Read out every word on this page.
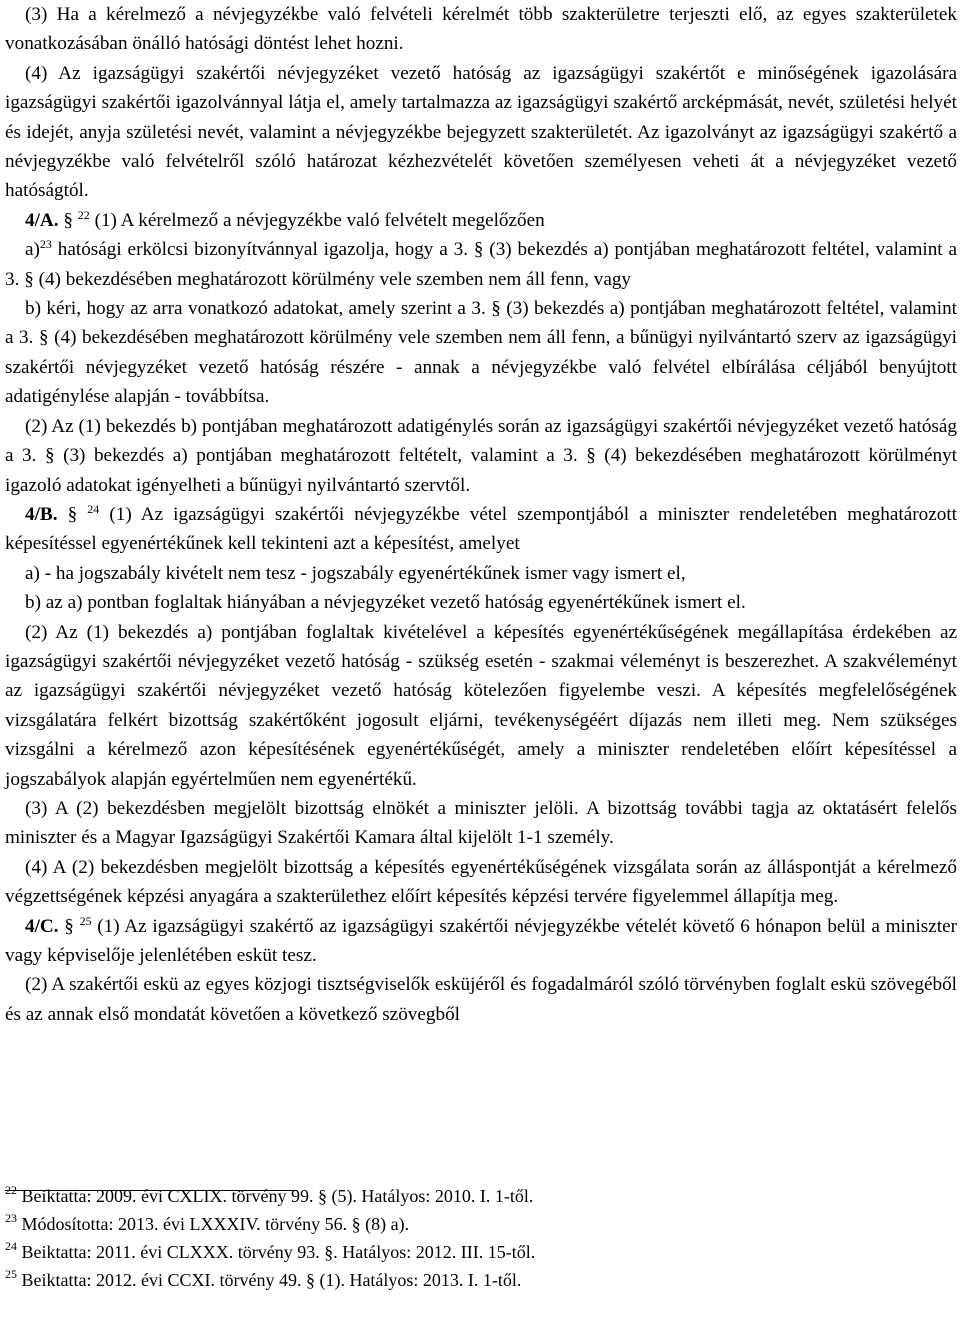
(3) Ha a kérelmező a névjegyzékbe való felvételi kérelmét több szakterületre terjeszti elő, az egyes szakterületek vonatkozásában önálló hatósági döntést lehet hozni.

(4) Az igazságügyi szakértői névjegyzéket vezető hatóság az igazságügyi szakértőt e minőségének igazolására igazságügyi szakértői igazolvánnyal látja el, amely tartalmazza az igazságügyi szakértő arcképmását, nevét, születési helyét és idejét, anyja születési nevét, valamint a névjegyzékbe bejegyzett szakterületét. Az igazolványt az igazságügyi szakértő a névjegyzékbe való felvételről szóló határozat kézhezvételét követően személyesen veheti át a névjegyzéket vezető hatóságtól.

4/A. § $^{22}$ (1) A kérelmező a névjegyzékbe való felvételt megelőzően

a)$^{23}$ hatósági erkölcsi bizonyítvánnyal igazolja, hogy a 3. § (3) bekezdés a) pontjában meghatározott feltétel, valamint a 3. § (4) bekezdésében meghatározott körülmény vele szemben nem áll fenn, vagy

b) kéri, hogy az arra vonatkozó adatokat, amely szerint a 3. § (3) bekezdés a) pontjában meghatározott feltétel, valamint a 3. § (4) bekezdésében meghatározott körülmény vele szemben nem áll fenn, a bűnügyi nyilvántartó szerv az igazságügyi szakértői névjegyzéket vezető hatóság részére - annak a névjegyzékbe való felvétel elbírálása céljából benyújtott adatigénylése alapján - továbbítsa.

(2) Az (1) bekezdés b) pontjában meghatározott adatigénylés során az igazságügyi szakértői névjegyzéket vezető hatóság a 3. § (3) bekezdés a) pontjában meghatározott feltételt, valamint a 3. § (4) bekezdésében meghatározott körülményt igazoló adatokat igényelheti a bűnügyi nyilvántartó szervtől.

4/B. § $^{24}$ (1) Az igazságügyi szakértői névjegyzékbe vétel szempontjából a miniszter rendeletében meghatározott képesítéssel egyenértékűnek kell tekinteni azt a képesítést, amelyet

a) - ha jogszabály kivételt nem tesz - jogszabály egyenértékűnek ismer vagy ismert el,

b) az a) pontban foglaltak hiányában a névjegyzéket vezető hatóság egyenértékűnek ismert el.

(2) Az (1) bekezdés a) pontjában foglaltak kivételével a képesítés egyenértékűségének megállapítása érdekében az igazságügyi szakértői névjegyzéket vezető hatóság - szükség esetén - szakmai véleményt is beszerezhet. A szakvéleményt az igazságügyi szakértői névjegyzéket vezető hatóság kötelezően figyelembe veszi. A képesítés megfelelőségének vizsgálatára felkért bizottság szakértőként jogosult eljárni, tevékenységéért díjazás nem illeti meg. Nem szükséges vizsgálni a kérelmező azon képesítésének egyenértékűségét, amely a miniszter rendeletében előírt képesítéssel a jogszabályok alapján egyértelműen nem egyenértékű.

(3) A (2) bekezdésben megjelölt bizottság elnökét a miniszter jelöli. A bizottság további tagja az oktatásért felelős miniszter és a Magyar Igazságügyi Szakértői Kamara által kijelölt 1-1 személy.

(4) A (2) bekezdésben megjelölt bizottság a képesítés egyenértékűségének vizsgálata során az álláspontját a kérelmező végzettségének képzési anyagára a szakterülethez előírt képesítés képzési tervére figyelemmel állapítja meg.

4/C. § $^{25}$ (1) Az igazságügyi szakértő az igazságügyi szakértői névjegyzékbe vételét követő 6 hónapon belül a miniszter vagy képviselője jelenlétében esküt tesz.

(2) A szakértői eskü az egyes közjogi tisztségviselők esküjéről és fogadalmáról szóló törvényben foglalt eskü szövegéből és az annak első mondatát követően a következő szövegből

$^{22}$ Beiktatta: 2009. évi CXLIX. törvény 99. § (5). Hatályos: 2010. I. 1-től.

$^{23}$ Módosította: 2013. évi LXXXIV. törvény 56. § (8) a).

$^{24}$ Beiktatta: 2011. évi CLXXX. törvény 93. §. Hatályos: 2012. III. 15-től.

$^{25}$ Beiktatta: 2012. évi CCXI. törvény 49. § (1). Hatályos: 2013. I. 1-től.
